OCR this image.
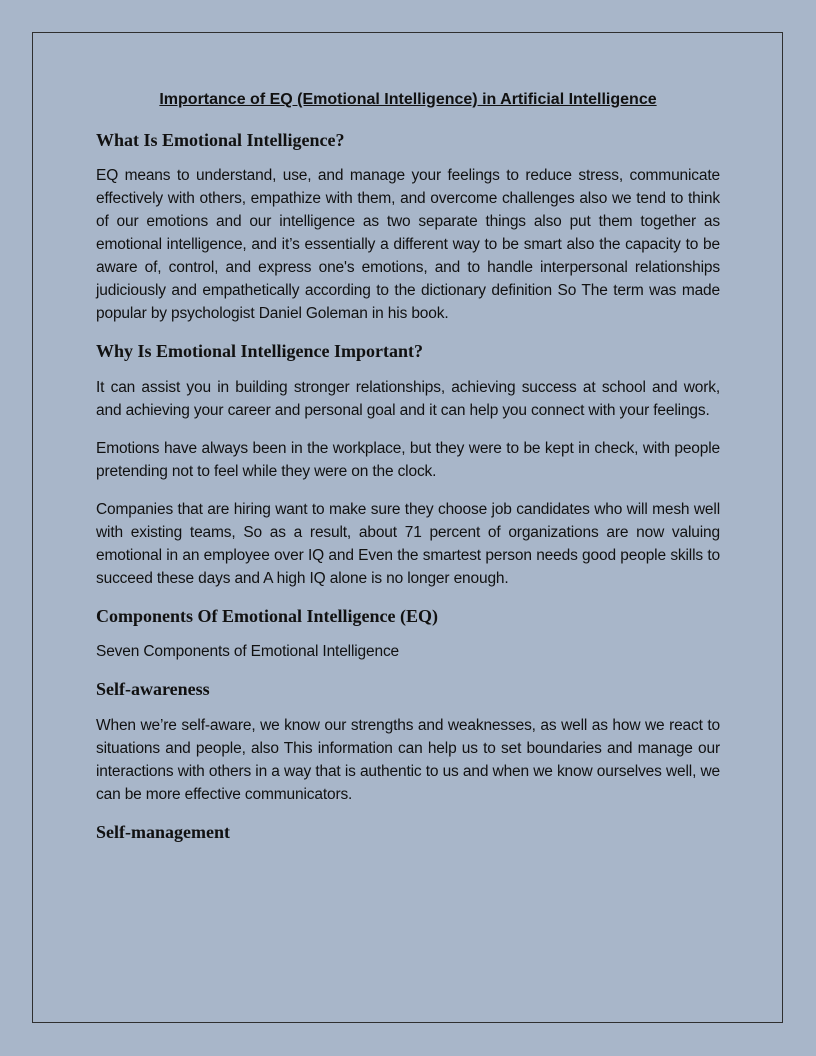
Importance of EQ (Emotional Intelligence) in Artificial Intelligence
What Is Emotional Intelligence?

EQ means to understand, use, and manage your feelings to reduce stress, communicate effectively with others, empathize with them, and overcome challenges also we tend to think of our emotions and our intelligence as two separate things also put them together as emotional intelligence, and it’s essentially a different way to be smart also the capacity to be aware of, control, and express one's emotions, and to handle interpersonal relationships judiciously and empathetically according to the dictionary definition So The term was made popular by psychologist Daniel Goleman in his book.

Why Is Emotional Intelligence Important?

It can assist you in building stronger relationships, achieving success at school and work, and achieving your career and personal goal and it can help you connect with your feelings.

Emotions have always been in the workplace, but they were to be kept in check, with people pretending not to feel while they were on the clock.

Companies that are hiring want to make sure they choose job candidates who will mesh well with existing teams, So as a result, about 71 percent of organizations are now valuing emotional in an employee over IQ and Even the smartest person needs good people skills to succeed these days and A high IQ alone is no longer enough.

Components Of Emotional Intelligence (EQ)

Seven Components of Emotional Intelligence

Self-awareness

When we’re self-aware, we know our strengths and weaknesses, as well as how we react to situations and people, also This information can help us to set boundaries and manage our interactions with others in a way that is authentic to us and when we know ourselves well, we can be more effective communicators.

Self-management
